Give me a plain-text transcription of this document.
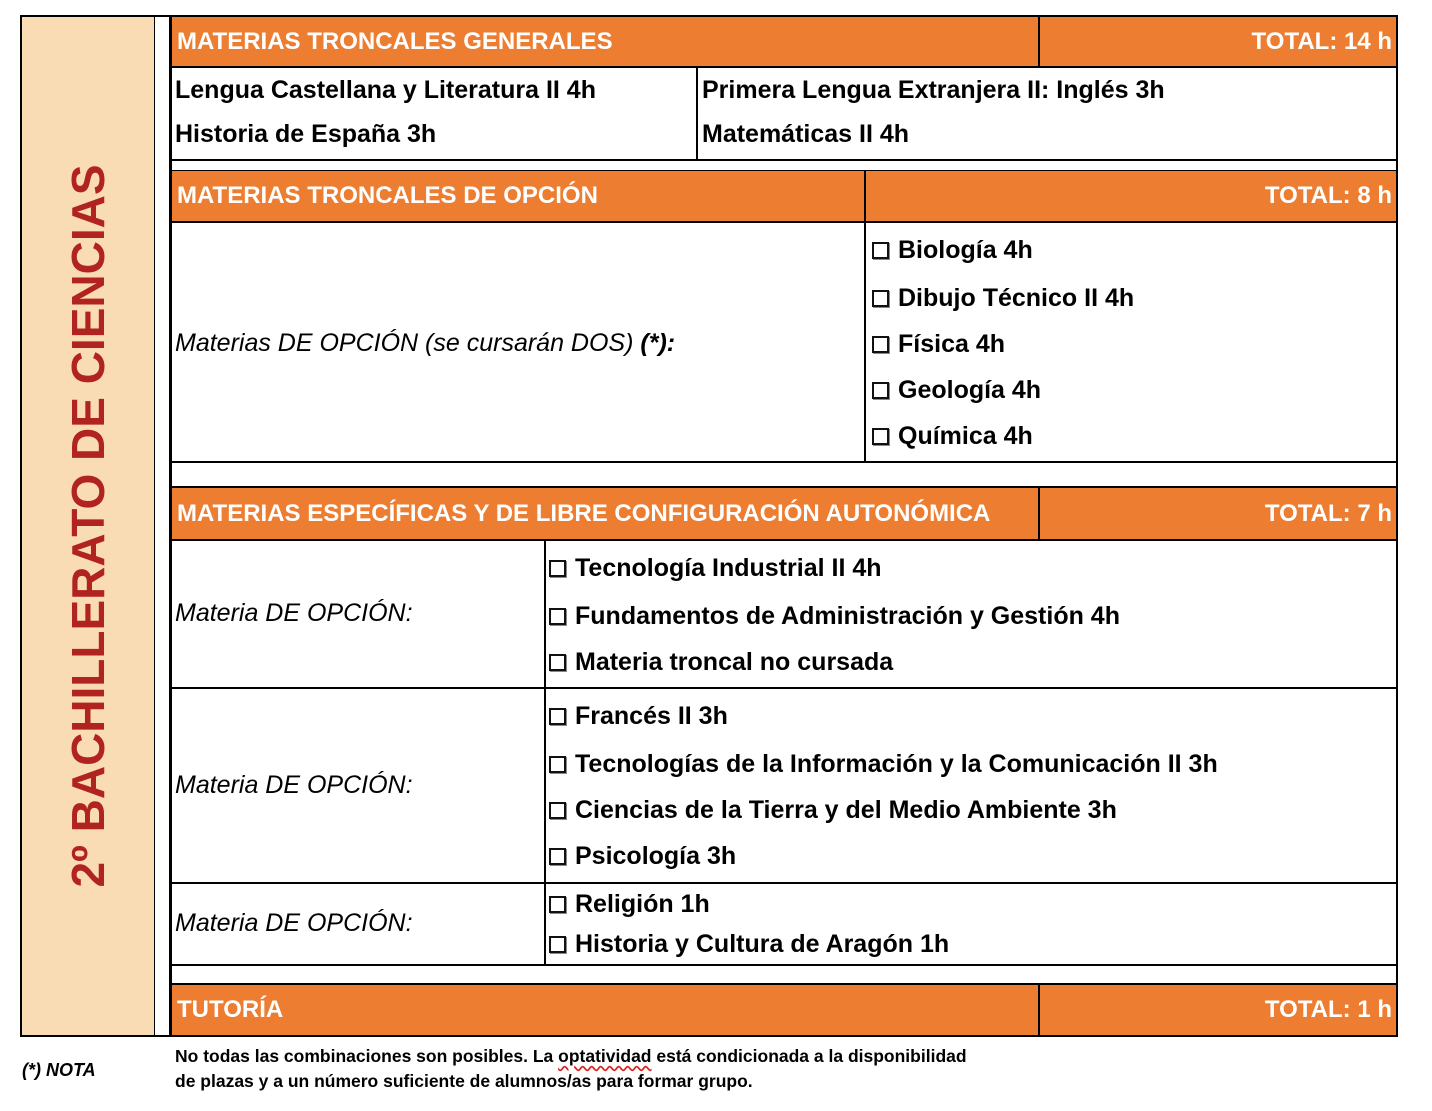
2º BACHILLERATO DE CIENCIAS
MATERIAS TRONCALES GENERALES	TOTAL: 14 h
Lengua Castellana y Literatura II 4h
Historia de España 3h
Primera Lengua Extranjera II: Inglés 3h
Matemáticas II 4h
MATERIAS TRONCALES DE OPCIÓN	TOTAL: 8 h
Materias DE OPCIÓN (se cursarán DOS) (*):
Biología 4h
Dibujo Técnico II 4h
Física 4h
Geología 4h
Química 4h
MATERIAS ESPECÍFICAS Y DE LIBRE CONFIGURACIÓN AUTONÓMICA	TOTAL: 7 h
Materia DE OPCIÓN:
Tecnología Industrial II 4h
Fundamentos de Administración y Gestión 4h
Materia troncal no cursada
Materia DE OPCIÓN:
Francés II 3h
Tecnologías de la Información y la Comunicación II 3h
Ciencias de la Tierra y del Medio Ambiente 3h
Psicología 3h
Materia DE OPCIÓN:
Religión 1h
Historia y Cultura de Aragón 1h
TUTORÍA	TOTAL: 1 h
(*) NOTA
No todas las combinaciones son posibles. La optatividad está condicionada a la disponibilidad
de plazas y a un número suficiente de alumnos/as para formar grupo.
